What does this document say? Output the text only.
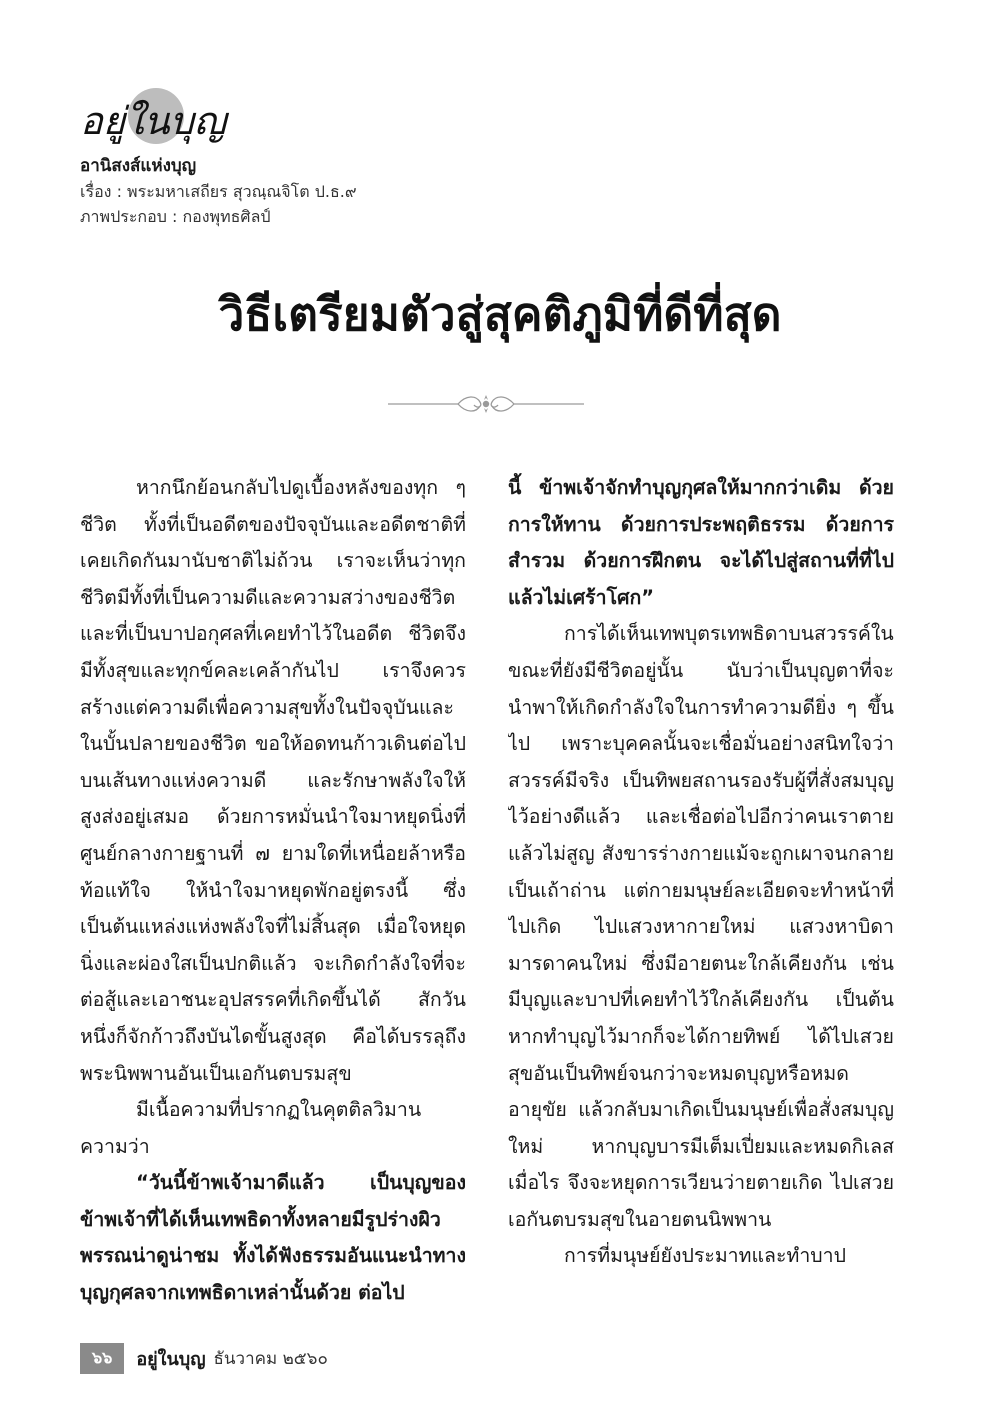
อยู่ในบุญ
อานิสงส์แห่งบุญ
เรื่อง : พระมหาเสถียร สุวณฺณจิโต ป.ธ.๙
ภาพประกอบ : กองพุทธศิลป์
วิธีเตรียมตัวสู่สุคติภูมิที่ดีที่สุด

หากนึกย้อนกลับไปดูเบื้องหลังของทุก ๆ ชีวิต ทั้งที่เป็นอดีตของปัจจุบันและอดีตชาติที่เคยเกิดกันมานับชาติไม่ถ้วน เราจะเห็นว่าทุกชีวิตมีทั้งที่เป็นความดีและความสว่างของชีวิต และที่เป็นบาปอกุศลที่เคยทำไว้ในอดีต ชีวิตจึงมีทั้งสุขและทุกข์คละเคล้ากันไป เราจึงควรสร้างแต่ความดีเพื่อความสุขทั้งในปัจจุบันและในบั้นปลายของชีวิต ขอให้อดทนก้าวเดินต่อไปบนเส้นทางแห่งความดี และรักษาพลังใจให้สูงส่งอยู่เสมอ ด้วยการหมั่นนำใจมาหยุดนิ่งที่ศูนย์กลางกายฐานที่ ๗ ยามใดที่เหนื่อยล้าหรือท้อแท้ใจ ให้นำใจมาหยุดพักอยู่ตรงนี้ ซึ่งเป็นต้นแหล่งแห่งพลังใจที่ไม่สิ้นสุด เมื่อใจหยุดนิ่งและผ่องใสเป็นปกติแล้ว จะเกิดกำลังใจที่จะต่อสู้และเอาชนะอุปสรรคที่เกิดขึ้นได้ สักวันหนึ่งก็จักก้าวถึงบันไดขั้นสูงสุด คือได้บรรลุถึงพระนิพพานอันเป็นเอกันตบรมสุข

มีเนื้อความที่ปรากฏในคุตติลวิมานความว่า

“วันนี้ข้าพเจ้ามาดีแล้ว เป็นบุญของข้าพเจ้าที่ได้เห็นเทพธิดาทั้งหลายมีรูปร่างผิวพรรณน่าดูน่าชม ทั้งได้ฟังธรรมอันแนะนำทางบุญกุศลจากเทพธิดาเหล่านั้นด้วย ต่อไป

นี้ ข้าพเจ้าจักทำบุญกุศลให้มากกว่าเดิม ด้วยการให้ทาน ด้วยการประพฤติธรรม ด้วยการสำรวม ด้วยการฝึกตน จะได้ไปสู่สถานที่ที่ไปแล้วไม่เศร้าโศก”

การได้เห็นเทพบุตรเทพธิดาบนสวรรค์ในขณะที่ยังมีชีวิตอยู่นั้น นับว่าเป็นบุญตาที่จะนำพาให้เกิดกำลังใจในการทำความดียิ่ง ๆ ขึ้นไป เพราะบุคคลนั้นจะเชื่อมั่นอย่างสนิทใจว่า สวรรค์มีจริง เป็นทิพยสถานรองรับผู้ที่สั่งสมบุญไว้อย่างดีแล้ว และเชื่อต่อไปอีกว่าคนเราตายแล้วไม่สูญ สังขารร่างกายแม้จะถูกเผาจนกลายเป็นเถ้าถ่าน แต่กายมนุษย์ละเอียดจะทำหน้าที่ไปเกิด ไปแสวงหากายใหม่ แสวงหาบิดามารดาคนใหม่ ซึ่งมีอายตนะใกล้เคียงกัน เช่น มีบุญและบาปที่เคยทำไว้ใกล้เคียงกัน เป็นต้น หากทำบุญไว้มากก็จะได้กายทิพย์ ได้ไปเสวยสุขอันเป็นทิพย์จนกว่าจะหมดบุญหรือหมดอายุขัย แล้วกลับมาเกิดเป็นมนุษย์เพื่อสั่งสมบุญใหม่ หากบุญบารมีเต็มเปี่ยมและหมดกิเลสเมื่อไร จึงจะหยุดการเวียนว่ายตายเกิด ไปเสวยเอกันตบรมสุขในอายตนนิพพาน

การที่มนุษย์ยังประมาทและทำบาป

๖๖	อยู่ในบุญ ธันวาคม ๒๕๖๐
